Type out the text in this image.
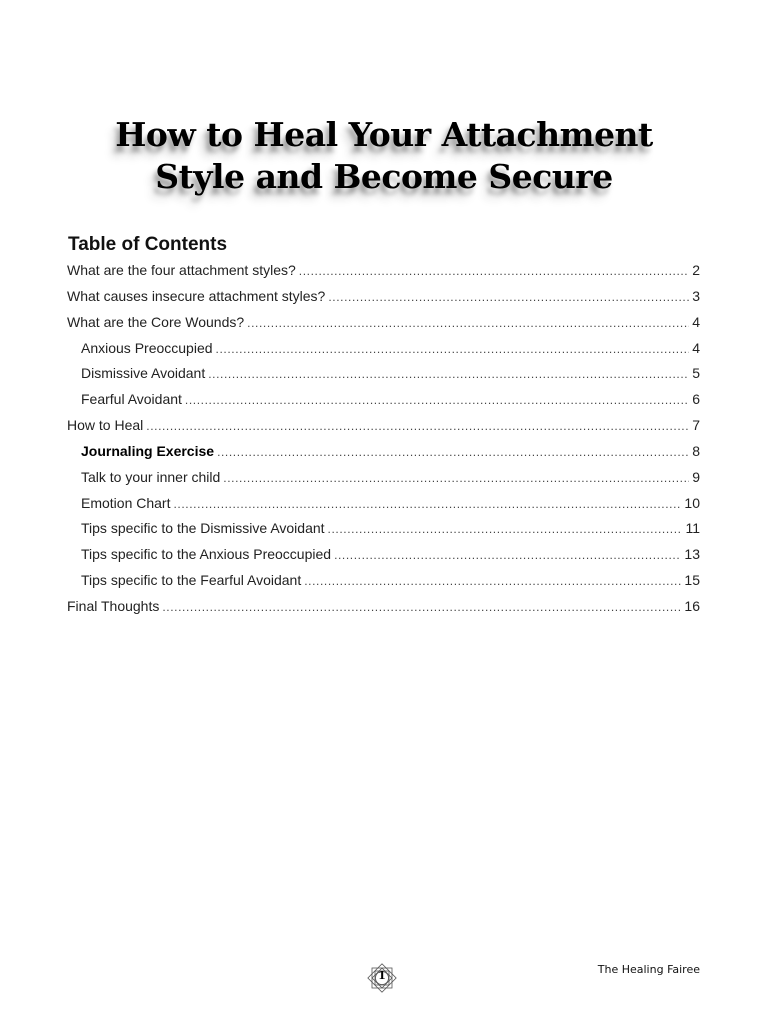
How to Heal Your Attachment
Style and Become Secure
Table of Contents
What are the four attachment styles? .....	2
What causes insecure attachment styles? .....	3
What are the Core Wounds? .....	4
Anxious Preoccupied .....	4
Dismissive Avoidant .....	5
Fearful Avoidant .....	6
How to Heal .....	7
Journaling Exercise .....	8
Talk to your inner child .....	9
Emotion Chart .....	10
Tips specific to the Dismissive Avoidant .....	11
Tips specific to the Anxious Preoccupied .....	13
Tips specific to the Fearful Avoidant .....	15
Final Thoughts .....	16
1	The Healing Fairee
